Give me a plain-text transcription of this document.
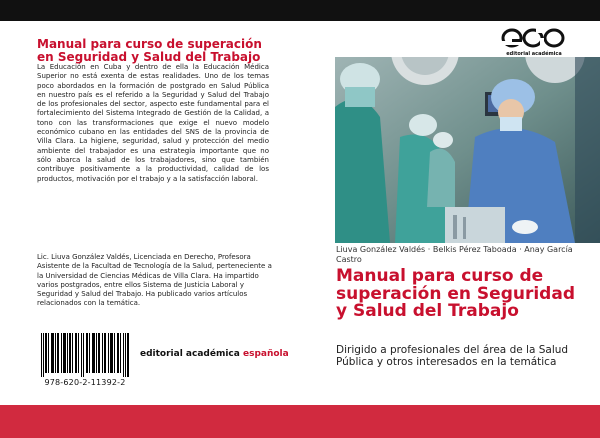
Manual para curso de superación en Seguridad y Salud del Trabajo
La Educación en Cuba y dentro de ella la Educación Médica Superior no está exenta de estas realidades. Uno de los temas poco abordados en la formación de postgrado en Salud Pública en nuestro país es el referido a la Seguridad y Salud del Trabajo de los profesionales del sector, aspecto este fundamental para el fortalecimiento del Sistema Integrado de Gestión de la Calidad, a tono con las transformaciones que exige el nuevo modelo económico cubano en las entidades del SNS de la provincia de Villa Clara. La higiene, seguridad, salud y protección del medio ambiente del trabajador es una estrategia importante que no sólo abarca la salud de los trabajadores, sino que también contribuye positivamente a la productividad, calidad de los productos, motivación por el trabajo y a la satisfacción laboral.
Lic. Liuva González Valdés, Licenciada en Derecho, Profesora Asistente de la Facultad de Tecnología de la Salud, perteneciente a la Universidad de Ciencias Médicas de Villa Clara. Ha impartido varios postgrados, entre ellos Sistema de Justicia Laboral y Seguridad y Salud del Trabajo. Ha publicado varios artículos relacionados con la temática.
978-620-2-11392-2
editorial académica española
editorial académica
Liuva González Valdés · Belkis Pérez Taboada · Anay García Castro
Manual para curso de superación en Seguridad y Salud del Trabajo
Dirigido a profesionales del área de la Salud Pública y otros interesados en la temática
